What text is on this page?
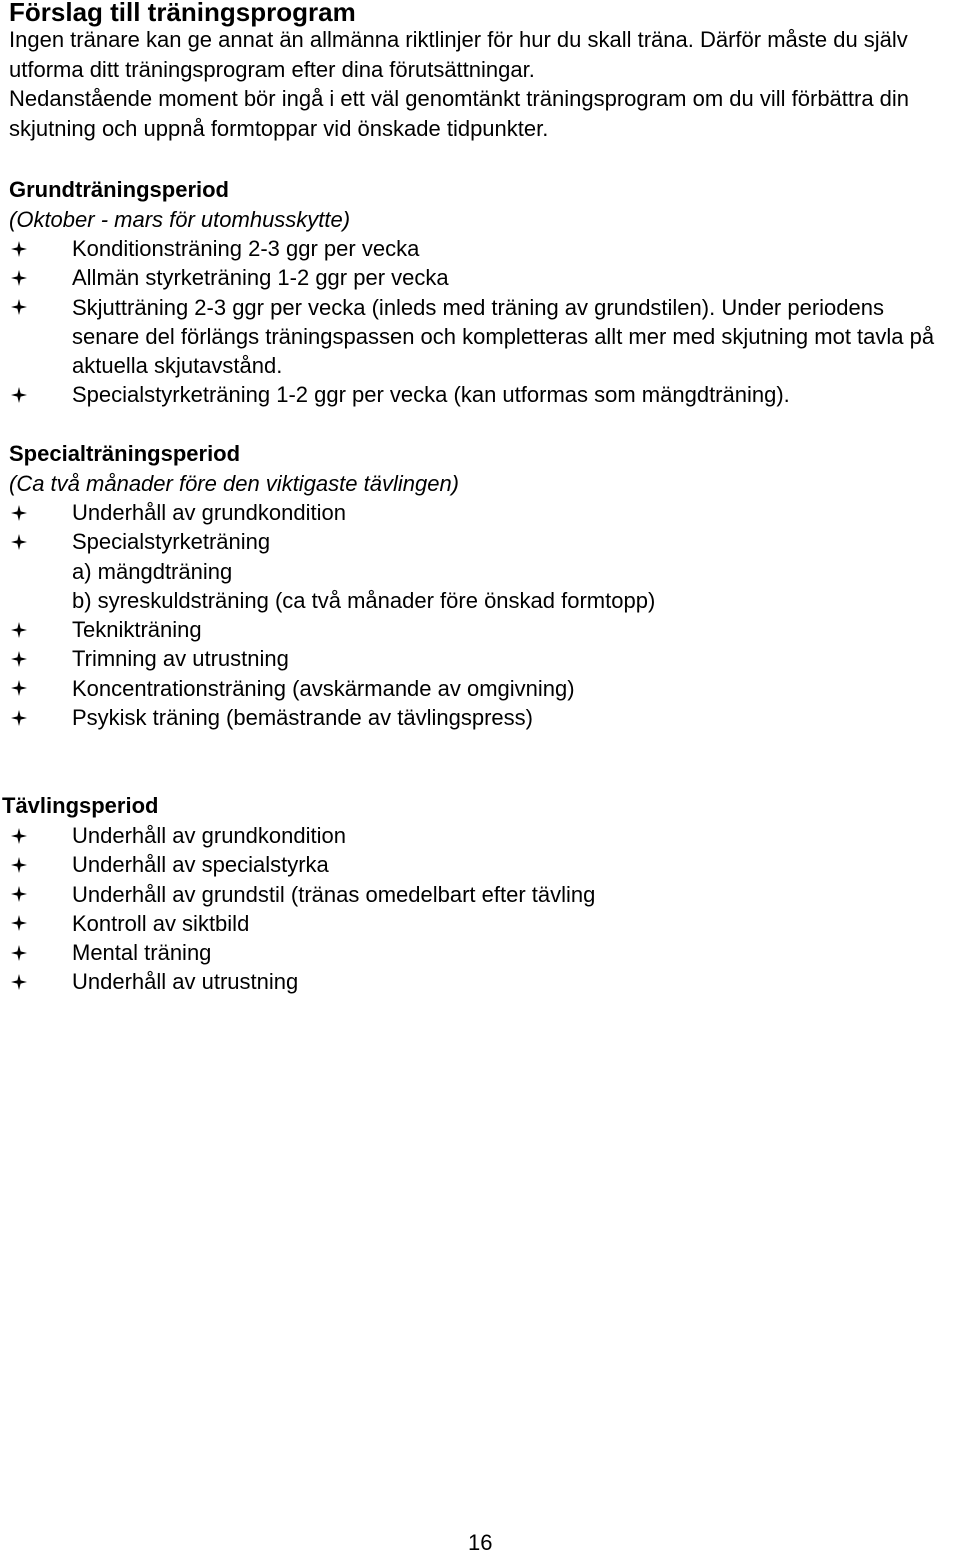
Förslag till träningsprogram

Ingen tränare kan ge annat än allmänna riktlinjer för hur du skall träna. Därför måste du själv utforma ditt träningsprogram efter dina förutsättningar.

Nedanstående moment bör ingå i ett väl genomtänkt träningsprogram om du vill förbättra din skjutning och uppnå formtoppar vid önskade tidpunkter.

Grundträningsperiod
(Oktober - mars för utomhusskytte)
Konditionsträning 2-3 ggr per vecka
Allmän styrketräning 1-2 ggr per vecka
Skjutträning 2-3 ggr per vecka (inleds med träning av grundstilen). Under periodens senare del förlängs träningspassen och kompletteras allt mer med skjutning mot tavla på aktuella skjutavstånd.
Specialstyrketräning 1-2 ggr per vecka (kan utformas som mängdträning).
Specialträningsperiod
(Ca två månader före den viktigaste tävlingen)
Underhåll av grundkondition
Specialstyrketräning
a) mängdträning
b) syreskuldsträning (ca två månader före önskad formtopp)
Teknikträning
Trimning av utrustning
Koncentrationsträning (avskärmande av omgivning)
Psykisk träning (bemästrande av tävlingspress)
Tävlingsperiod
Underhåll av grundkondition
Underhåll av specialstyrka
Underhåll av grundstil (tränas omedelbart efter tävling
Kontroll av siktbild
Mental träning
Underhåll av utrustning
16
